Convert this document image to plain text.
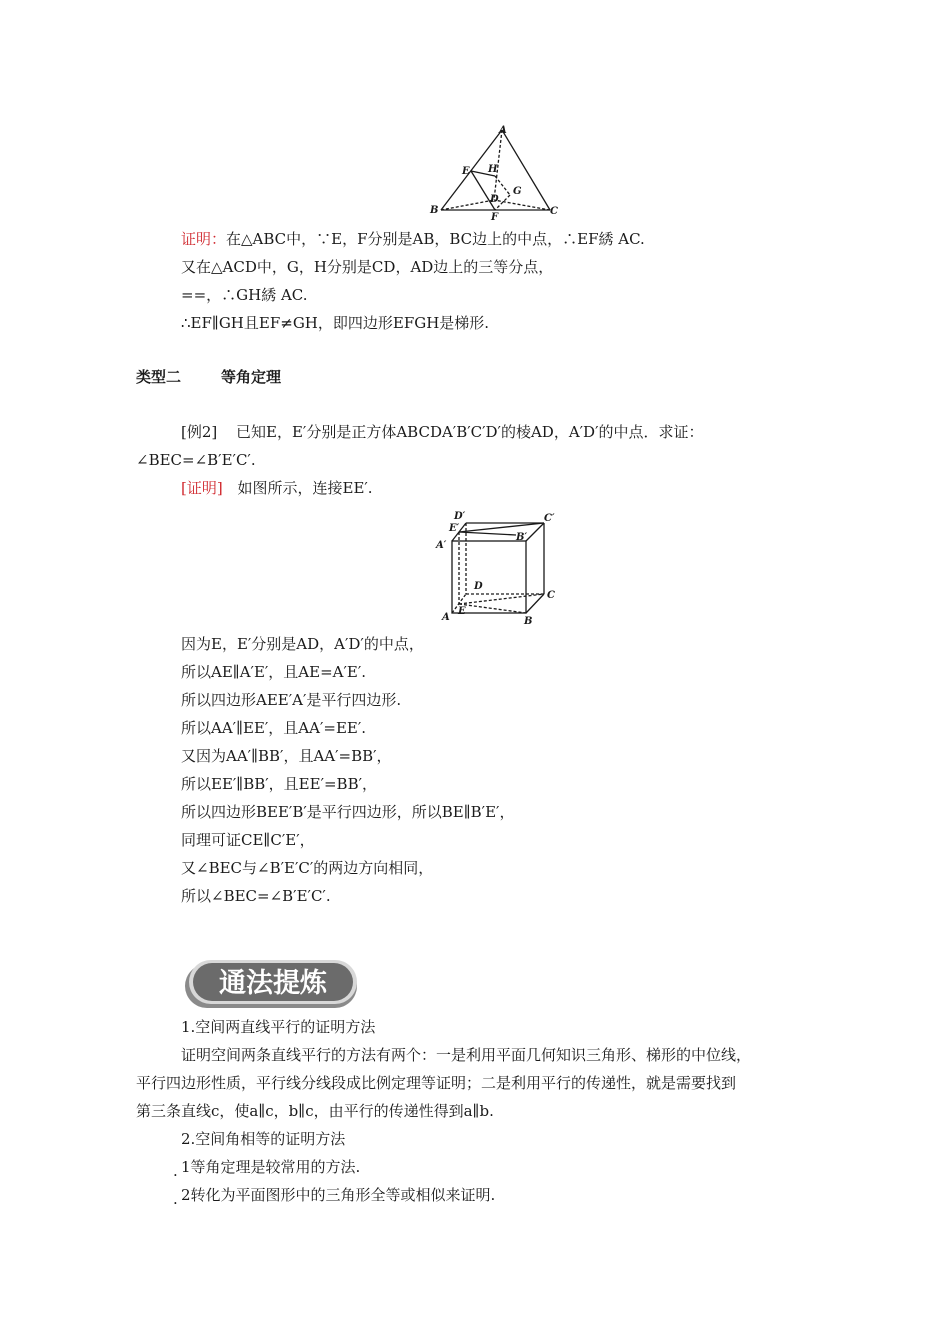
A
B	C
E
F
H
G
D
证明：在△ABC中，∵E，F分别是AB，BC边上的中点，∴EF綉 AC.
又在△ACD中，G，H分别是CD，AD边上的三等分点，
==，∴GH綉 AC.
∴EF∥GH且EF≠GH，即四边形EFGH是梯形.
类型二	等角定理
[例2] 已知E，E′分别是正方体ABCDA′B′C′D′的棱AD，A′D′的中点．求证：
∠BEC=∠B′E′C′.
[证明] 如图所示，连接EE′.
D′	C′
E′
B′
A′
D
C
A
E
B
因为E，E′分别是AD，A′D′的中点，
所以AE∥A′E′，且AE=A′E′.
所以四边形AEE′A′是平行四边形.
所以AA′∥EE′，且AA′=EE′.
又因为AA′∥BB′，且AA′=BB′，
所以EE′∥BB′，且EE′=BB′，
所以四边形BEE′B′是平行四边形，所以BE∥B′E′，
同理可证CE∥C′E′，
又∠BEC与∠B′E′C′的两边方向相同，
所以∠BEC=∠B′E′C′.
通法提炼
1.空间两直线平行的证明方法
证明空间两条直线平行的方法有两个：一是利用平面几何知识三角形、梯形的中位线，
平行四边形性质，平行线分线段成比例定理等证明；二是利用平行的传递性，就是需要找到
第三条直线c，使a∥c，b∥c，由平行的传递性得到a∥b.
2.空间角相等的证明方法
. 1等角定理是较常用的方法.
. 2转化为平面图形中的三角形全等或相似来证明.
